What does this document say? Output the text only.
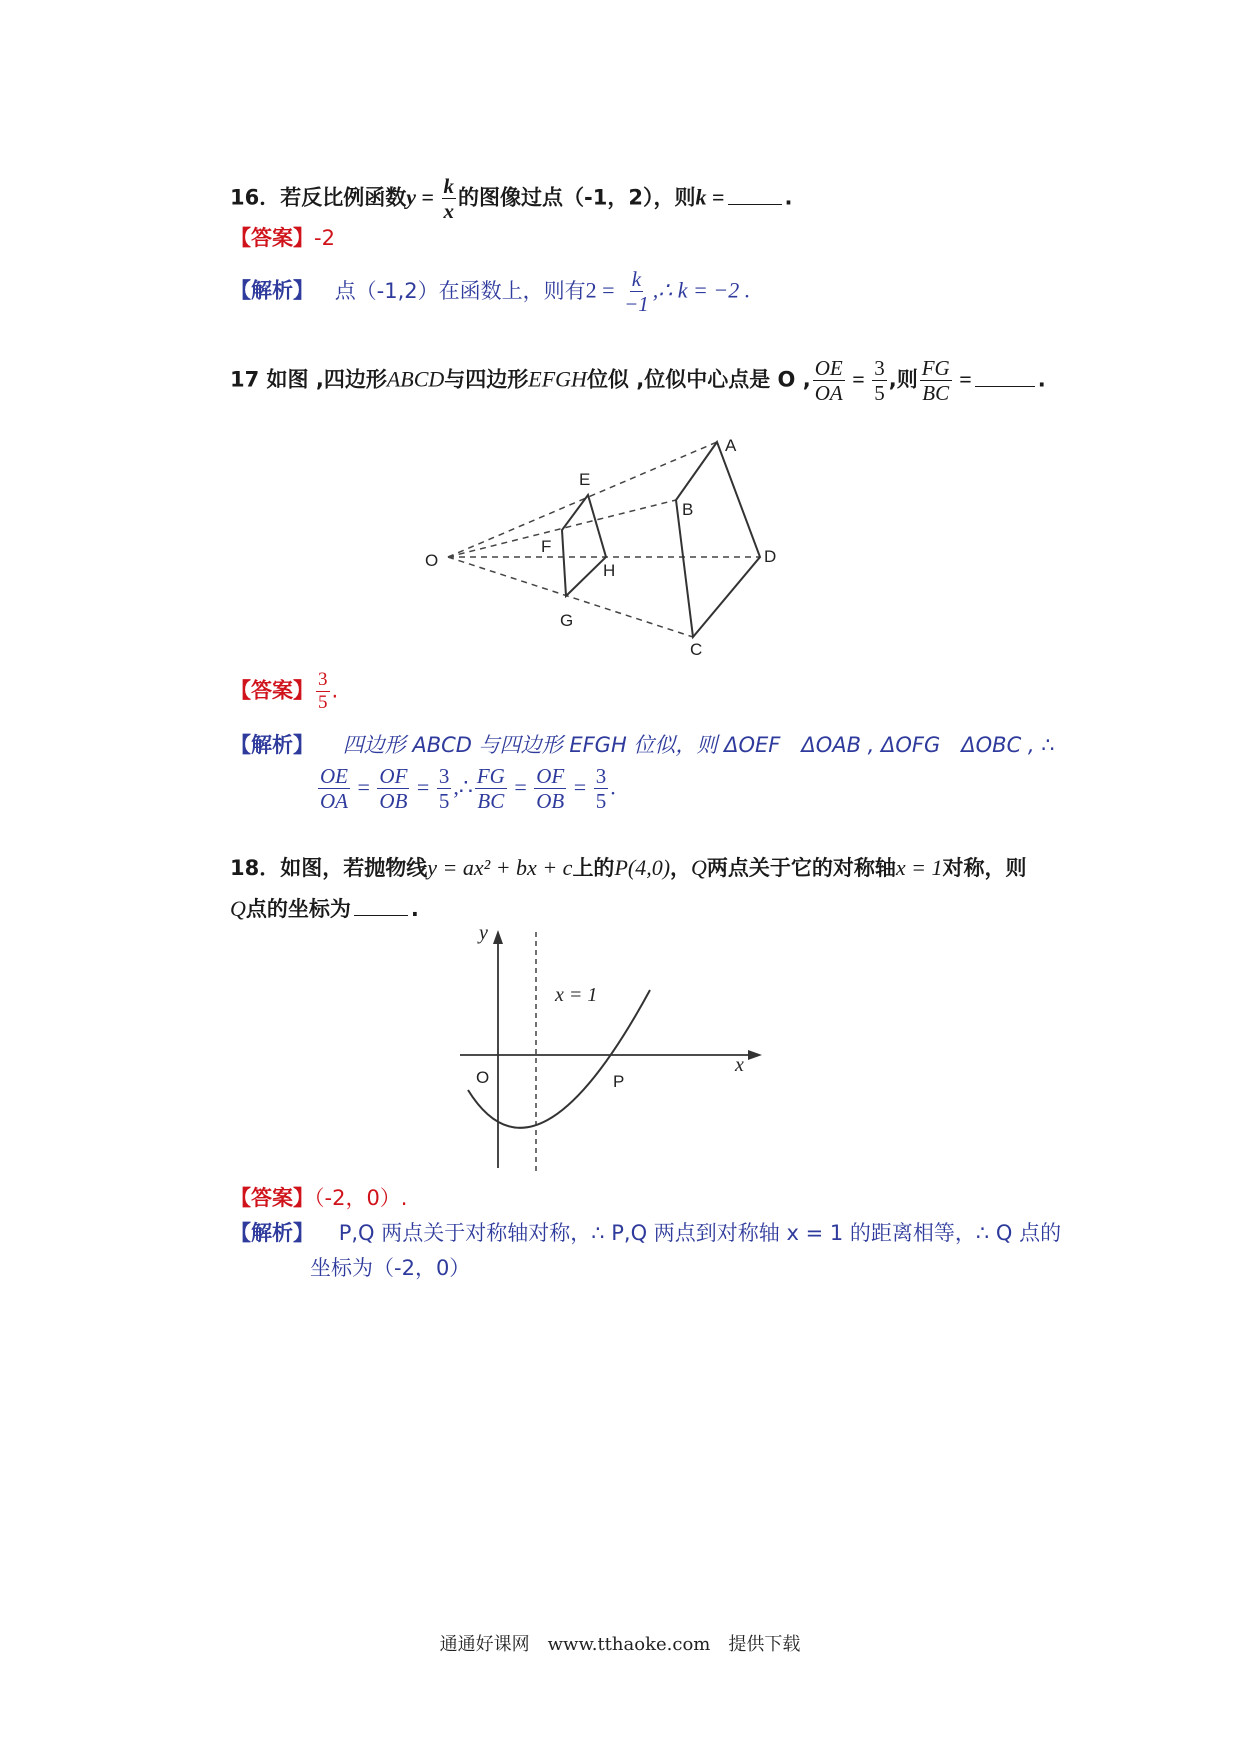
16．若反比例函数$y = \frac{k}{x}$ 的图像过点（-1，2），则k =	.
【答案】-2
【解析】 点（-1,2）在函数上，则有$2 = \frac{k}{-1}$ ,∴ k = −2 .
17 如图 ,四边形ABCD与四边形EFGH位似 ,位似中心点是 O , $\frac{OE}{OA} = \frac{3}{5}$ ,则 $\frac{FG}{BC}$ =	.
A
B
C
D
E
F
G
H
O
【答案】 $\frac{3}{5}$ .
【解析】 四边形 ABCD 与四边形 EFGH 位似，则 ΔOEF　ΔOAB , ΔOFG　ΔOBC , ∴
$\frac{OE}{OA} = \frac{OF}{OB} = \frac{3}{5}$ ,∴ $\frac{FG}{BC} = \frac{OF}{OB} = \frac{3}{5}$ .
18．如图，若抛物线y = ax² + bx + c上的P(4,0)，Q两点关于它的对称轴x = 1对称，则
Q点的坐标为	.
y
x
O	P
x = 1
【答案】（-2，0）.
【解析】 P,Q 两点关于对称轴对称，∴ P,Q 两点到对称轴 x = 1 的距离相等，∴ Q 点的
坐标为（-2，0）
通通好课网　www.tthaoke.com　提供下载
